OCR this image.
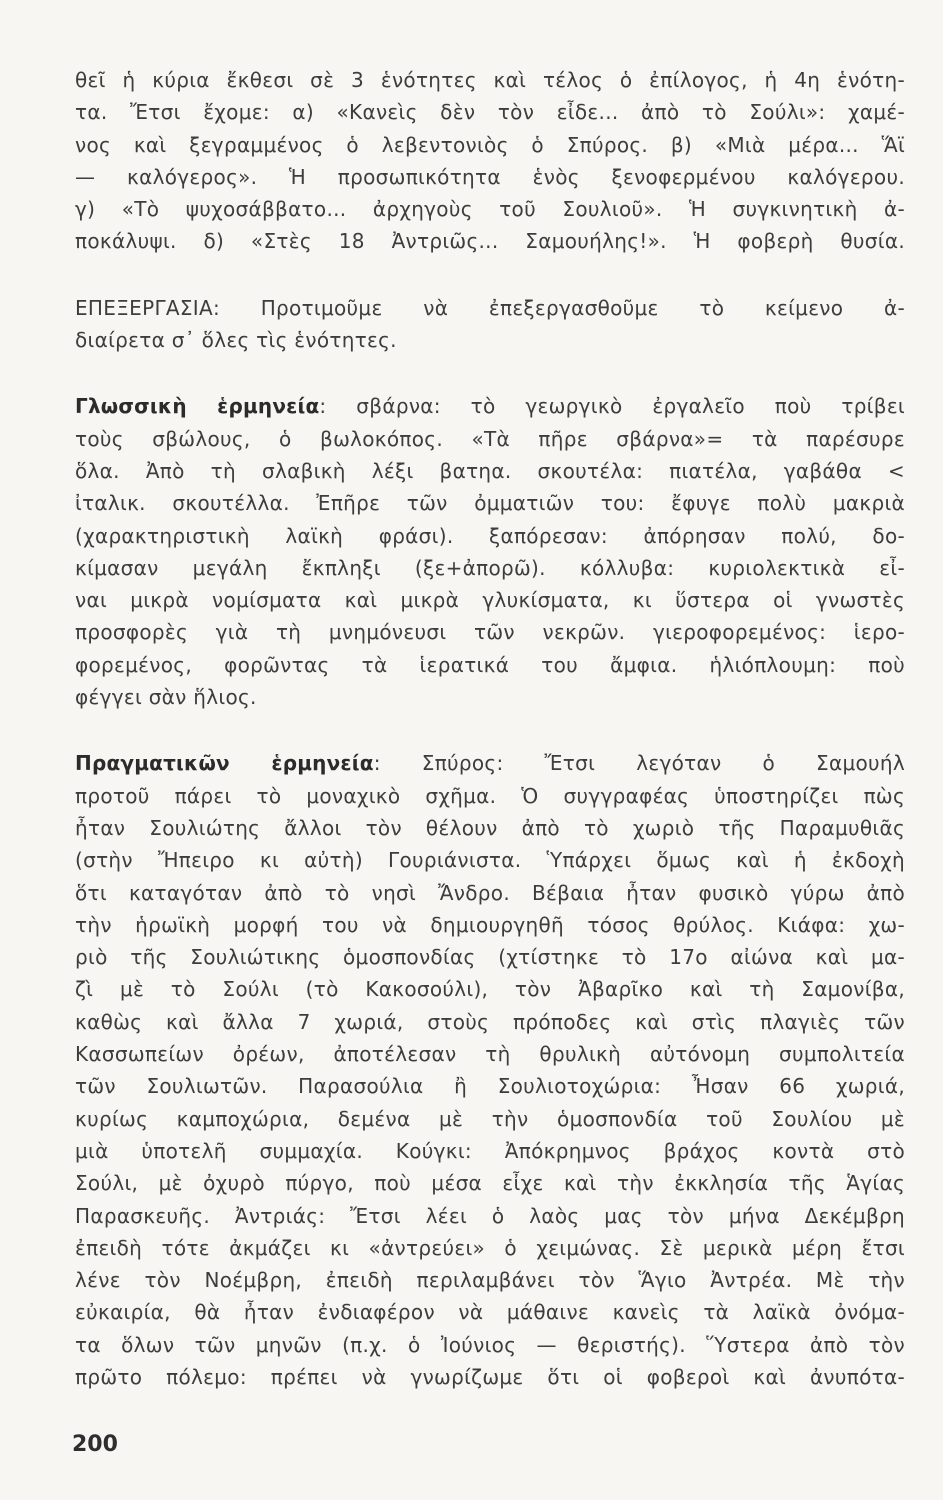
θεῖ ἡ κύρια ἔκθεσι σὲ 3 ἑνότητες καὶ τέλος ὁ ἐπίλογος, ἡ 4η ἑνότη-
τα. Ἔτσι ἔχομε: α) «Κανεὶς δὲν τὸν εἶδε... ἀπὸ τὸ Σούλι»: χαμέ-
νος καὶ ξεγραμμένος ὁ λεβεντονιὸς ὁ Σπύρος. β) «Μιὰ μέρα... Ἅϊ
— καλόγερος». Ἡ προσωπικότητα ἑνὸς ξενοφερμένου καλόγερου.
γ) «Τὸ ψυχοσάββατο... ἀρχηγοὺς τοῦ Σουλιοῦ». Ἡ συγκινητικὴ ἀ-
ποκάλυψι. δ) «Στὲς 18 Ἀντριῶς... Σαμουήλης!». Ἡ φοβερὴ θυσία.
ΕΠΕΞΕΡΓΑΣΙΑ: Προτιμοῦμε νὰ ἐπεξεργασθοῦμε τὸ κείμενο ἀ-
διαίρετα σ᾽ ὅλες τὶς ἑνότητες.
Γλωσσικὴ ἑρμηνεία: σβάρνα: τὸ γεωργικὸ ἐργαλεῖο ποὺ τρίβει
τοὺς σβώλους, ὁ βωλοκόπος. «Τὰ πῆρε σβάρνα»= τὰ παρέσυρε
ὅλα. Ἀπὸ τὴ σλαβικὴ λέξι βατηα. σκουτέλα: πιατέλα, γαβάθα <
ἰταλικ. σκουτέλλα. Ἐπῆρε τῶν ὀμματιῶν του: ἔφυγε πολὺ μακριὰ
(χαρακτηριστικὴ λαϊκὴ φράσι). ξαπόρεσαν: ἀπόρησαν πολύ, δο-
κίμασαν μεγάλη ἔκπληξι (ξε+ἀπορῶ). κόλλυβα: κυριολεκτικὰ εἶ-
ναι μικρὰ νομίσματα καὶ μικρὰ γλυκίσματα, κι ὕστερα οἱ γνωστὲς
προσφορὲς γιὰ τὴ μνημόνευσι τῶν νεκρῶν. γιεροφορεμένος: ἱερο-
φορεμένος, φορῶντας τὰ ἱερατικά του ἄμφια. ἡλιόπλουμη: ποὺ
φέγγει σὰν ἥλιος.
Πραγματικῶν ἑρμηνεία: Σπύρος: Ἔτσι λεγόταν ὁ Σαμουήλ
προτοῦ πάρει τὸ μοναχικὸ σχῆμα. Ὁ συγγραφέας ὑποστηρίζει πὼς
ἦταν Σουλιώτης ἄλλοι τὸν θέλουν ἀπὸ τὸ χωριὸ τῆς Παραμυθιᾶς
(στὴν Ἤπειρο κι αὐτὴ) Γουριάνιστα. Ὑπάρχει ὅμως καὶ ἡ ἐκδοχὴ
ὅτι καταγόταν ἀπὸ τὸ νησὶ Ἄνδρο. Βέβαια ἦταν φυσικὸ γύρω ἀπὸ
τὴν ἡρωϊκὴ μορφή του νὰ δημιουργηθῆ τόσος θρύλος. Κιάφα: χω-
ριὸ τῆς Σουλιώτικης ὁμοσπονδίας (χτίστηκε τὸ 17ο αἰώνα καὶ μα-
ζὶ μὲ τὸ Σούλι (τὸ Κακοσούλι), τὸν Ἀβαρῖκο καὶ τὴ Σαμονίβα,
καθὼς καὶ ἄλλα 7 χωριά, στοὺς πρόποδες καὶ στὶς πλαγιὲς τῶν
Κασσωπείων ὀρέων, ἀποτέλεσαν τὴ θρυλικὴ αὐτόνομη συμπολιτεία
τῶν Σουλιωτῶν. Παρασούλια ἢ Σουλιοτοχώρια: Ἦσαν 66 χωριά,
κυρίως καμποχώρια, δεμένα μὲ τὴν ὁμοσπονδία τοῦ Σουλίου μὲ
μιὰ ὑποτελῆ συμμαχία. Κούγκι: Ἀπόκρημνος βράχος κοντὰ στὸ
Σούλι, μὲ ὀχυρὸ πύργο, ποὺ μέσα εἶχε καὶ τὴν ἐκκλησία τῆς Ἁγίας
Παρασκευῆς. Ἀντριάς: Ἔτσι λέει ὁ λαὸς μας τὸν μήνα Δεκέμβρη
ἐπειδὴ τότε ἀκμάζει κι «ἀντρεύει» ὁ χειμώνας. Σὲ μερικὰ μέρη ἔτσι
λένε τὸν Νοέμβρη, ἐπειδὴ περιλαμβάνει τὸν Ἅγιο Ἀντρέα. Μὲ τὴν
εὐκαιρία, θὰ ἦταν ἐνδιαφέρον νὰ μάθαινε κανεὶς τὰ λαϊκὰ ὀνόμα-
τα ὅλων τῶν μηνῶν (π.χ. ὁ Ἰούνιος — θεριστής). Ὕστερα ἀπὸ τὸν
πρῶτο πόλεμο: πρέπει νὰ γνωρίζωμε ὅτι οἱ φοβεροὶ καὶ ἀνυπότα-
200
